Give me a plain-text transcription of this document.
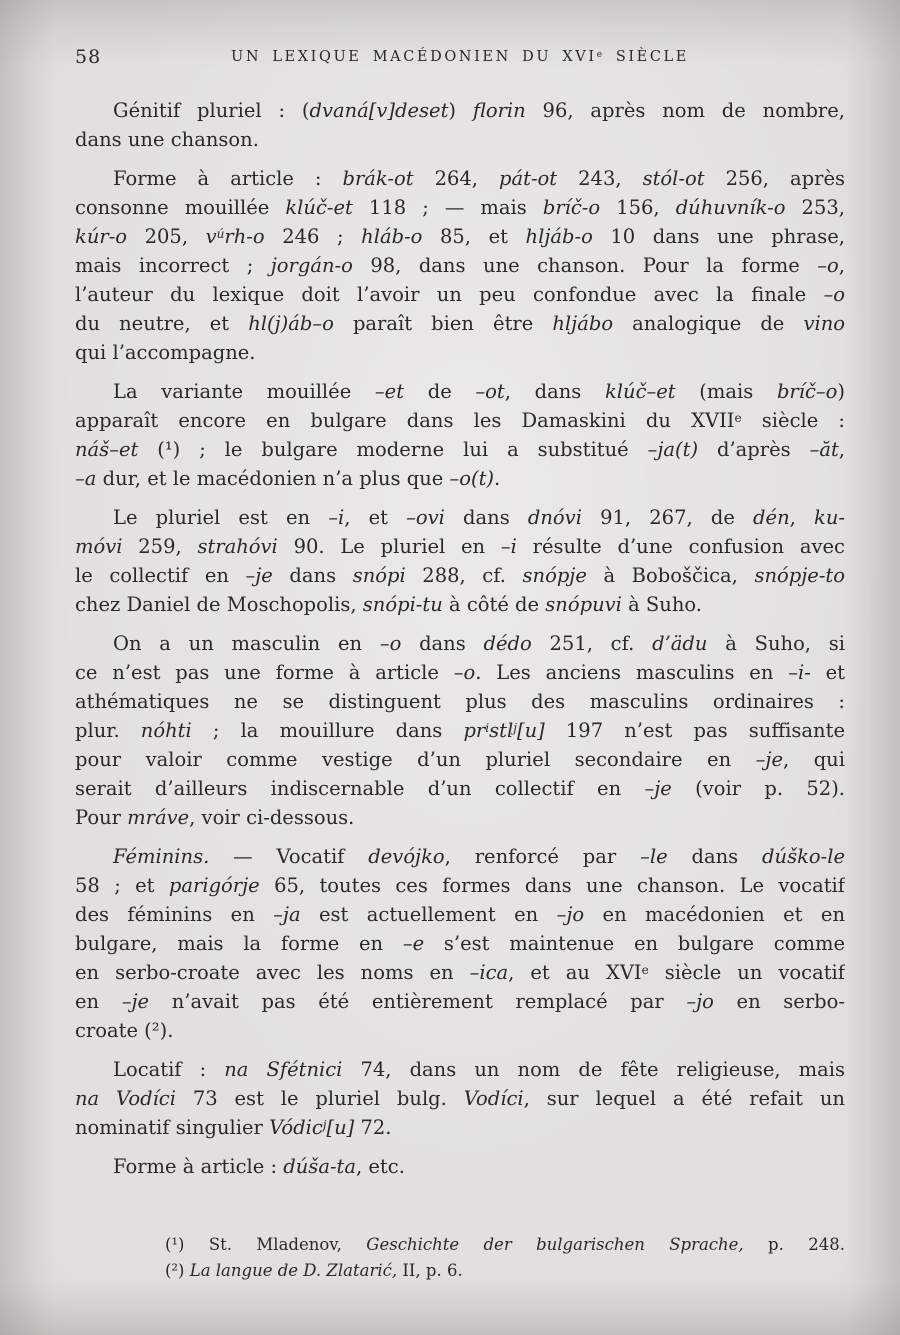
58	UN LEXIQUE MACÉDONIEN DU XVIe SIÈCLE
Génitif pluriel : (dvaná[v]deset) florin 96, après nom de nombre,
dans une chanson.
Forme à article : brák-ot 264, pát-ot 243, stól-ot 256, après
consonne mouillée klúč-et 118 ; — mais bríč-o 156, dúhuvník-o 253,
kúr-o 205, $v^úrh-o$ 246 ; hláb-o 85, et hljáb-o 10 dans une phrase,
mais incorrect ; jorgán-o 98, dans une chanson. Pour la forme –o,
l’auteur du lexique doit l’avoir un peu confondue avec la finale –o
du neutre, et hl(j)áb–o paraît bien être hljábo analogique de vino
qui l’accompagne.
La variante mouillée –et de –ot, dans klúč–et (mais bríč–o)
apparaît encore en bulgare dans les Damaskini du XVIIe siècle :
náš–et (¹) ; le bulgare moderne lui a substitué –ja(t) d’après –ăt,
–a dur, et le macédonien n’a plus que –o(t).
Le pluriel est en –i, et –ovi dans dnóvi 91, 267, de dén, ku-
móvi 259, strahóvi 90. Le pluriel en –i résulte d’une confusion avec
le collectif en –je dans snópi 288, cf. snópje à Boboščica, snópje-to
chez Daniel de Moschopolis, snópi-tu à côté de snópuvi à Suho.
On a un masculin en –o dans dédo 251, cf. d’ädu à Suho, si
ce n’est pas une forme à article –o. Les anciens masculins en –i- et
athématiques ne se distinguent plus des masculins ordinaires :
plur. nóhti ; la mouillure dans $pr^istl^j[u]$ 197 n’est pas suffisante
pour valoir comme vestige d’un pluriel secondaire en –je, qui
serait d’ailleurs indiscernable d’un collectif en –je (voir p. 52).
Pour mráve, voir ci-dessous.
Féminins. — Vocatif devójko, renforcé par –le dans dúško-le
58 ; et parigórje 65, toutes ces formes dans une chanson. Le vocatif
des féminins en –ja est actuellement en –jo en macédonien et en
bulgare, mais la forme en –e s’est maintenue en bulgare comme
en serbo-croate avec les noms en –ica, et au XVIe siècle un vocatif
en –je n’avait pas été entièrement remplacé par –jo en serbo-
croate (²).
Locatif : na Sfétnici 74, dans un nom de fête religieuse, mais
na Vodíci 73 est le pluriel bulg. Vodíci, sur lequel a été refait un
nominatif singulier Vódic$^j$[u] 72.
Forme à article : dúša-ta, etc.
(¹) St. Mladenov, Geschichte der bulgarischen Sprache, p. 248.
(²) La langue de D. Zlatarić, II, p. 6.
